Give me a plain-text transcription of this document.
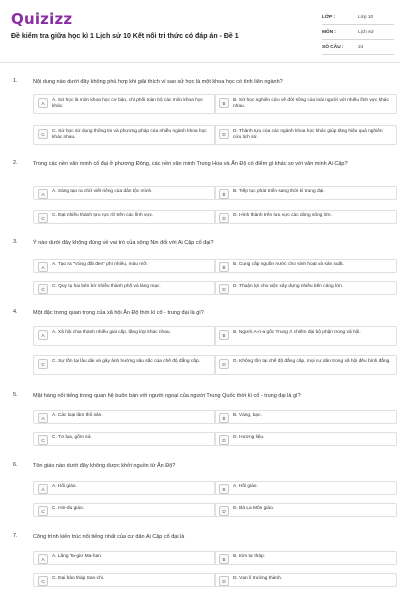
Quizizz
Đề kiểm tra giữa học kì 1 Lịch sử 10 Kết nối tri thức có đáp án - Đề 1
LỚP :	Lớp 10
MÔN :	Lịch sử
SỐ CÂU :	24
1.	Nội dung nào dưới đây không phù hợp khi giải thích vì sao sử học là một khoa học có tính liên ngành?
A	A. Sử học là môn khoa học cơ bản, chỉ phối toàn bộ các môn khoa học khác.
B	B. Sử học nghiên cứu về đời sống của loài người với nhiều lĩnh vực khác nhau.
C	C. Sử học sử dụng thông tin và phương pháp của nhiều ngành khoa học khác nhau.
D	D. Thành tựu của các ngành khoa học khác giúp tăng hiệu quả nghiên cứu lịch sử.
2.	Trong các nền văn minh cổ đại ở phương Đông, các nền văn minh Trung Hoa và Ấn Độ có điểm gì khác so với văn minh Ai Cập?
A	A. Sáng tạo ra chữ viết riêng của dân tộc mình.	B	B. Tiếp tục phát triển sang thời kì trung đại.
C	C. Đạt nhiều thành tựu rực rỡ trên các lĩnh vực.	D	D. Hình thành trên lưu vực các dòng sông lớn.
3.	Ý nào dưới đây không đúng về vai trò của sông Nin đối với Ai Cập cổ đại?
A	A. Tạo ra "Vùng đất đen" phì nhiêu, màu mỡ.	B	B. Cung cấp nguồn nước cho sinh hoạt và sản xuất.
C	C. Quy tụ hai bên bờ nhiều thành phố và làng mạc.	D	D. Thuận lợi cho việc xây dựng nhiều bến cảng lớn.
4.	Một đặc trưng quan trọng của xã hội Ấn Độ thời kì cổ - trung đại là gì?
A	A. Xã hội chia thành nhiều giai cấp, tầng lớp khác nhau.	B	B. Người A-ri-a gốc Trung Á chiếm đại bộ phận trong xã hội.
C	C. Sự tồn tại lâu dài và gây ảnh hưởng sâu sắc của chế độ đẳng cấp.	D	D. Không tồn tại chế độ đẳng cấp, mọi cư dân trong xã hội đều bình đẳng.
5.	Mặt hàng nổi tiếng trong quan hệ buôn bán với người ngoại của người Trung Quốc thời kì cổ - trung đại là gì?
A	A. Các loại lâm thổ sản.	B	B. Vàng, bạc.
C	C. Tơ lụa, gốm sứ.	D	D. Hương liệu.
6.	Tôn giáo nào dưới đây không được khởi nguồn từ Ấn Độ?
A	A. Hồi giáo.	B	A. Hồi giáo.
C	C. Hin-đu giáo.	D	D. Bà La Môn giáo.
7.	Công trình kiến trúc nổi tiếng nhất của cư dân Ai Cập cổ đại là
A	A. Lăng Ta-giơ Ma-han.	B	B. Kim tự tháp.
C	C. Đại bảo tháp San-chi.	D	D. Vạn lí trường thành.
